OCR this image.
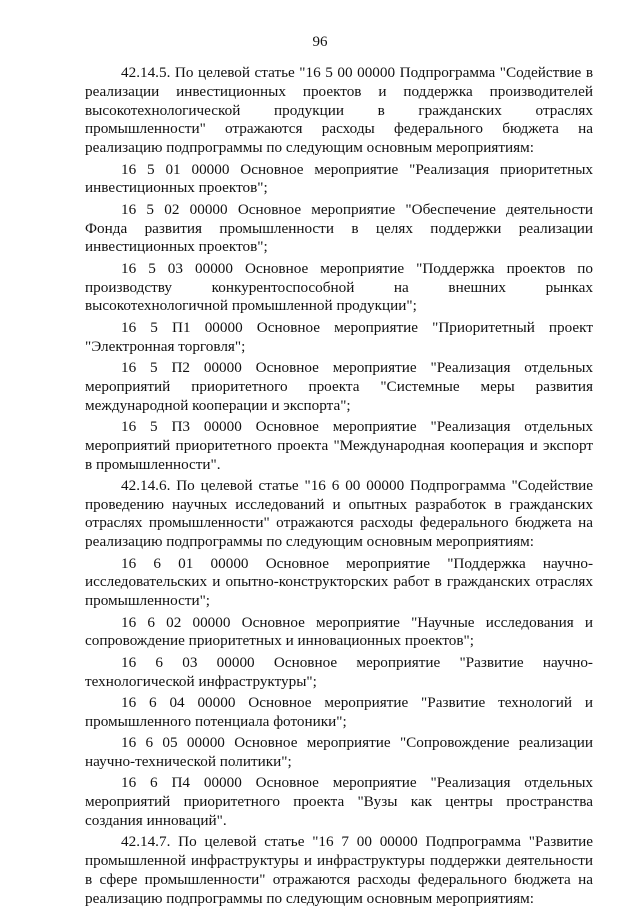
96

42.14.5. По целевой статье "16 5 00 00000 Подпрограмма "Содействие в реализации инвестиционных проектов и поддержка производителей высокотехнологической продукции в гражданских отраслях промышленности" отражаются расходы федерального бюджета на реализацию подпрограммы по следующим основным мероприятиям:

16 5 01 00000 Основное мероприятие "Реализация приоритетных инвестиционных проектов";

16 5 02 00000 Основное мероприятие "Обеспечение деятельности Фонда развития промышленности в целях поддержки реализации инвестиционных проектов";

16 5 03 00000 Основное мероприятие "Поддержка проектов по производству конкурентоспособной на внешних рынках высокотехнологичной промышленной продукции";

16 5 П1 00000 Основное мероприятие "Приоритетный проект "Электронная торговля";

16 5 П2 00000 Основное мероприятие "Реализация отдельных мероприятий приоритетного проекта "Системные меры развития международной кооперации и экспорта";

16 5 П3 00000 Основное мероприятие "Реализация отдельных мероприятий приоритетного проекта "Международная кооперация и экспорт в промышленности".

42.14.6. По целевой статье "16 6 00 00000 Подпрограмма "Содействие проведению научных исследований и опытных разработок в гражданских отраслях промышленности" отражаются расходы федерального бюджета на реализацию подпрограммы по следующим основным мероприятиям:

16 6 01 00000 Основное мероприятие "Поддержка научно-исследовательских и опытно-конструкторских работ в гражданских отраслях промышленности";

16 6 02 00000 Основное мероприятие "Научные исследования и сопровождение приоритетных и инновационных проектов";

16 6 03 00000 Основное мероприятие "Развитие научно-технологической инфраструктуры";

16 6 04 00000 Основное мероприятие "Развитие технологий и промышленного потенциала фотоники";

16 6 05 00000 Основное мероприятие "Сопровождение реализации научно-технической политики";

16 6 П4 00000 Основное мероприятие "Реализация отдельных мероприятий приоритетного проекта "Вузы как центры пространства создания инноваций".

42.14.7. По целевой статье "16 7 00 00000 Подпрограмма "Развитие промышленной инфраструктуры и инфраструктуры поддержки деятельности в сфере промышленности" отражаются расходы федерального бюджета на реализацию подпрограммы по следующим основным мероприятиям:
